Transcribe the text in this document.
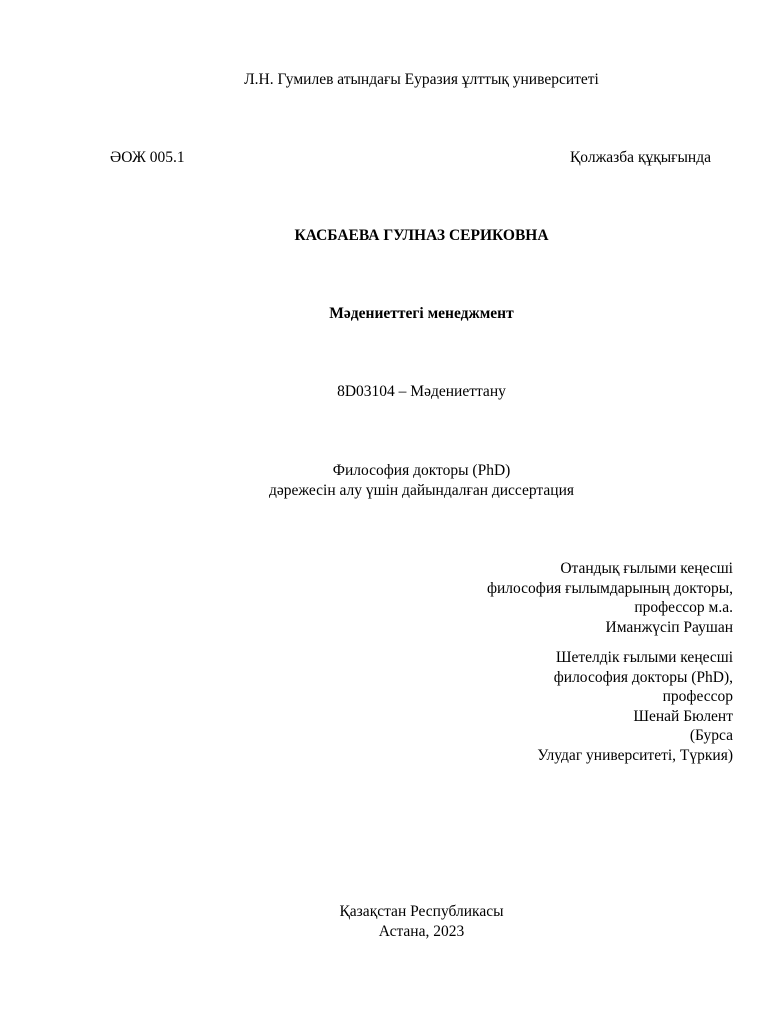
Л.Н. Гумилев атындағы Еуразия ұлттық университеті
ӘОЖ 005.1	Қолжазба құқығында
КАСБАЕВА ГУЛНАЗ СЕРИКОВНА
Мәдениеттегі менеджмент
8D03104 – Мәдениеттану
Философия докторы (PhD)
дәрежесін алу үшін дайындалған диссертация
Отандық ғылыми кеңесші
философия ғылымдарының докторы,
профессор м.а.
Иманжүсіп Раушан
Шетелдік ғылыми кеңесші
философия докторы (PhD),
профессор
Шенай Бюлент
(Бурса
Улудаг университеті, Түркия)
Қазақстан Республикасы
Астана, 2023
